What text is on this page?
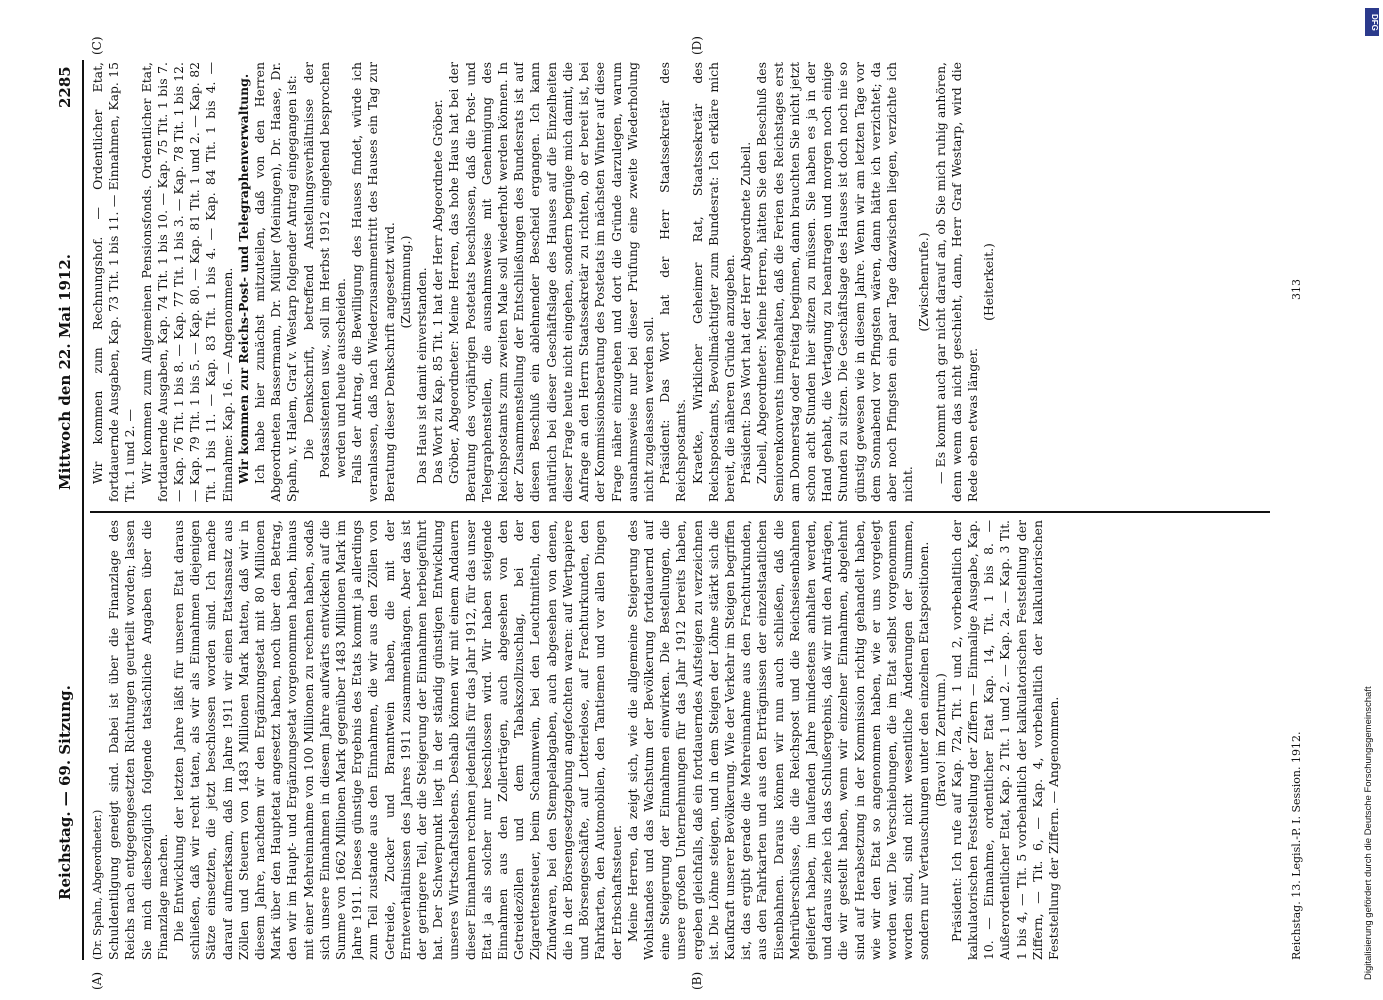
Reichstag. — 69. Sitzung.
Mittwoch den 22. Mai 1912.
2285
(A)	(B)
(C)	(D)

(Dr. Spahn, Abgeordneter.) Schuldentilgung geneigt sind. Dabei ist über die Finanzlage des Reichs nach entgegengesetzten Richtungen geurteilt worden; lassen Sie mich diesbezüglich folgende tatsächliche Angaben über die Finanzlage machen. Die Entwicklung der letzten Jahre läßt für unseren Etat daraus schließen, daß wir recht taten, als wir als Einnahmen diejenigen Sätze einsetzten, die jetzt beschlossen worden sind. Ich mache darauf aufmerksam, daß im Jahre 1911 wir einen Etatsansatz aus Zöllen und Steuern von 1483 Millionen Mark hatten, daß wir in diesem Jahre, nachdem wir den Ergänzungsetat mit 80 Millionen Mark über den Hauptetat angesetzt haben, noch über den Betrag, den wir im Haupt- und Ergänzungsetat vorgenommen haben, hinaus mit einer Mehreinnahme von 100 Millionen zu rechnen haben, sodaß sich unsere Einnahmen in diesem Jahre aufwärts entwickeln auf die Summe von 1662 Millionen Mark gegenüber 1483 Millionen Mark im Jahre 1911. Dieses günstige Ergebnis des Etats kommt ja allerdings zum Teil zustande aus den Einnahmen, die wir aus den Zöllen von Getreide, Zucker und Branntwein haben, die mit der Ernteverhältnissen des Jahres 1911 zusammenhängen. Aber das ist der geringere Teil, der die Steigerung der Einnahmen herbeigeführt hat. Der Schwerpunkt liegt in der ständig günstigen Entwicklung unseres Wirtschaftslebens. Deshalb können wir mit einem Andauern dieser Einnahmen rechnen jedenfalls für das Jahr 1912, für das unser Etat ja als solcher nur beschlossen wird. Wir haben steigende Einnahmen aus den Zollerträgen, auch abgesehen von den Getreidezöllen und dem Tabakszollzuschlag, bei der Zigarettensteuer, beim Schaumwein, bei den Leuchtmitteln, den Zündwaren, bei den Stempelabgaben, auch abgesehen von denen, die in der Börsengesetzgebung angefochten waren: auf Wertpapiere und Börsengeschäfte, auf Lotterielose, auf Frachturkunden, den Fahrkarten, den Automobilen, den Tantiemen und vor allen Dingen der Erbschaftssteuer. Meine Herren, da zeigt sich, wie die allgemeine Steigerung des Wohlstandes und das Wachstum der Bevölkerung fortdauernd auf eine Steigerung der Einnahmen einwirken. Die Bestellungen, die unsere großen Unternehmungen für das Jahr 1912 bereits haben, ergeben gleichfalls, daß ein fortdauerndes Aufsteigen zu verzeichnen ist. Die Löhne steigen, und in dem Steigen der Löhne stärkt sich die Kaufkraft unserer Bevölkerung. Wie der Verkehr im Steigen begriffen ist, das ergibt gerade die Mehreinnahme aus den Frachturkunden, aus den Fahrkarten und aus den Erträgnissen der einzelstaatlichen Eisenbahnen. Daraus können wir nun auch schließen, daß die Mehrüberschüsse, die die Reichspost und die Reichseisenbahnen geliefert haben, im laufenden Jahre mindestens anhalten werden, und daraus ziehe ich das Schlußergebnis, daß wir mit den Anträgen, die wir gestellt haben, wenn wir einzelner Einnahmen, abgelehnt sind auf Herabsetzung in der Kommission richtig gehandelt haben, wie wir den Etat so angenommen haben, wie er uns vorgelegt worden war. Die Verschiebungen, die im Etat selbst vorgenommen worden sind, sind nicht wesentliche Änderungen der Summen, sondern nur Vertauschungen unter den einzelnen Etatspositionen. (Bravo! im Zentrum.) Präsident: Ich rufe auf Kap. 72a, Tit. 1 und 2, vorbehaltlich der kalkulatorischen Feststellung der Ziffern — Einmalige Ausgabe, Kap. 10. — Einnahme, ordentlicher Etat Kap. 14, Tit. 1 bis 8. — Außerordentlicher Etat, Kap. 2 Tit. 1 und 2. — Kap. 2a. — Kap. 3 Tit. 1 bis 4, — Tit. 5 vorbehaltlich der kalkulatorischen Feststellung der Ziffern, — Tit. 6, — Kap. 4, vorbehaltlich der kalkulatorischen Feststellung der Ziffern. — Angenommen.

Wir kommen zum Rechnungshof. — Ordentlicher Etat, fortdauernde Ausgaben, Kap. 73 Tit. 1 bis 11. — Einnahmen, Kap. 15 Tit. 1 und 2. — Wir kommen zum Allgemeinen Pensionsfonds. Ordentlicher Etat, fortdauernde Ausgaben, Kap. 74 Tit. 1 bis 10. — Kap. 75 Tit. 1 bis 7. — Kap. 76 Tit. 1 bis 8. — Kap. 77 Tit. 1 bis 3. — Kap. 78 Tit. 1 bis 12. — Kap. 79 Tit. 1 bis 5. — Kap. 80. — Kap. 81 Tit. 1 und 2. — Kap. 82 Tit. 1 bis 11. — Kap. 83 Tit. 1 bis 4. — Kap. 84 Tit. 1 bis 4. — Einnahme: Kap. 16. — Angenommen. Wir kommen zur Reichs-Post- und Telegraphenverwaltung. Ich habe hier zunächst mitzuteilen, daß von den Herren Abgeordneten Bassermann, Dr. Müller (Meiningen), Dr. Haase, Dr. Spahn, v. Halem, Graf v. Westarp folgender Antrag eingegangen ist: Die Denkschrift, betreffend Anstellungsverhältnisse der Postassistenten usw., soll im Herbst 1912 eingehend besprochen werden und heute ausscheiden. Falls der Antrag, die Bewilligung des Hauses findet, würde ich veranlassen, daß nach Wiederzusammentritt des Hauses ein Tag zur Beratung dieser Denkschrift angesetzt wird. (Zustimmung.) Das Haus ist damit einverstanden. Das Wort zu Kap. 85 Tit. 1 hat der Herr Abgeordnete Gröber. Gröber, Abgeordneter: Meine Herren, das hohe Haus hat bei der Beratung des vorjährigen Postetats beschlossen, daß die Post- und Telegraphenstellen, die ausnahmsweise mit Genehmigung des Reichspostamts zum zweiten Male soll wiederholt werden können. In der Zusammenstellung der Entschließungen des Bundesrats ist auf diesen Beschluß ein ablehnender Bescheid ergangen. Ich kann natürlich bei dieser Geschäftslage des Hauses auf die Einzelheiten dieser Frage heute nicht eingehen, sondern begnüge mich damit, die Anfrage an den Herrn Staatssekretär zu richten, ob er bereit ist, bei der Kommissionsberatung des Postetats im nächsten Winter auf diese Frage näher einzugehen und dort die Gründe darzulegen, warum ausnahmsweise nur bei dieser Prüfung eine zweite Wiederholung nicht zugelassen werden soll. Präsident: Das Wort hat der Herr Staatssekretär des Reichspostamts. Kraetke, Wirklicher Geheimer Rat, Staatssekretär des Reichspostamts, Bevollmächtigter zum Bundesrat: Ich erkläre mich bereit, die näheren Gründe anzugeben. Präsident: Das Wort hat der Herr Abgeordnete Zubeil. Zubeil, Abgeordneter: Meine Herren, hätten Sie den Beschluß des Seniorenkonvents innegehalten, daß die Ferien des Reichstages erst am Donnerstag oder Freitag beginnen, dann brauchten Sie nicht jetzt schon acht Stunden hier sitzen zu müssen. Sie haben es ja in der Hand gehabt, die Vertagung zu beantragen und morgen noch einige Stunden zu sitzen. Die Geschäftslage des Hauses ist doch noch nie so günstig gewesen wie in diesem Jahre. Wenn wir am letzten Tage vor dem Sonnabend vor Pfingsten wären, dann hätte ich verzichtet; da aber noch Pfingsten ein paar Tage dazwischen liegen, verzichte ich nicht.

(Zwischenrufe.) — Es kommt auch gar nicht darauf an, ob Sie mich ruhig anhören, denn wenn das nicht geschieht, dann, Herr Graf Westarp, wird die Rede eben etwas länger.

(Heiterkeit.)

Reichstag. 13. Legisl.-P. I. Session. 1912.
313
DFG
Digitalisierung gefördert durch die Deutsche Forschungsgemeinschaft
